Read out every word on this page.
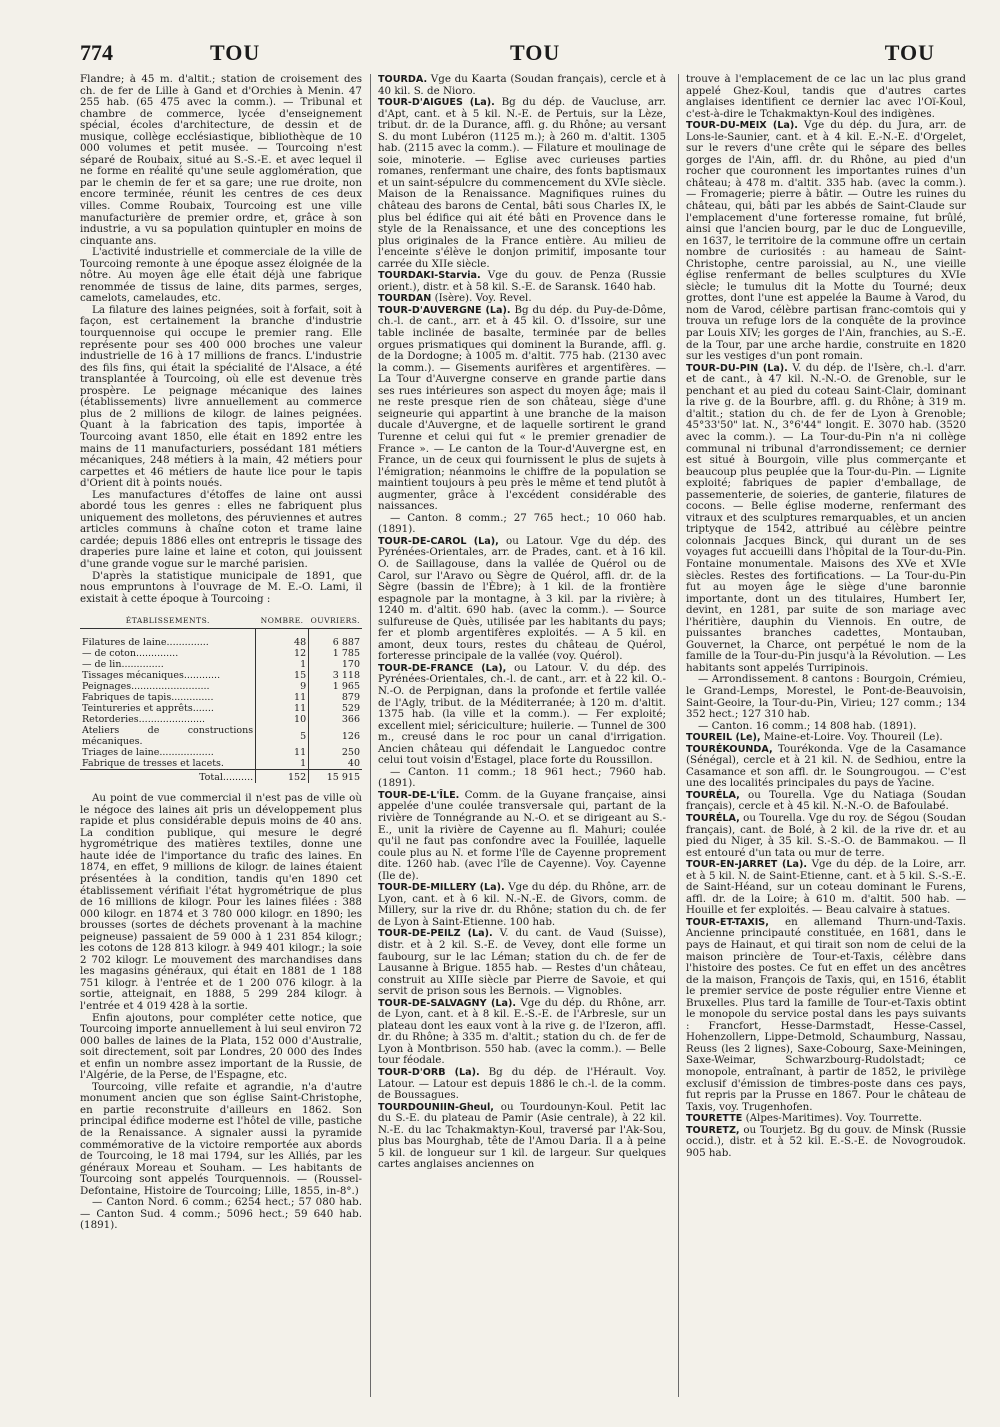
774	TOU	TOU	TOU

Flandre; à 45 m. d'altit.; station de croisement des ch. de fer de Lille à Gand et d'Orchies à Menin. 47 255 hab. (65 475 avec la comm.). — Tribunal et chambre de commerce, lycée d'enseignement spécial, écoles d'architecture, de dessin et de musique, collège ecclésiastique, bibliothèque de 10 000 volumes et petit musée. — Tourcoing n'est séparé de Roubaix, situé au S.-S.-E. et avec lequel il ne forme en réalité qu'une seule agglomération, que par le chemin de fer et sa gare; une rue droite, non encore terminée, réunit les centres de ces deux villes. Comme Roubaix, Tourcoing est une ville manufacturière de premier ordre, et, grâce à son industrie, a vu sa population quintupler en moins de cinquante ans.

L'activité industrielle et commerciale de la ville de Tourcoing remonte à une époque assez éloignée de la nôtre. Au moyen âge elle était déjà une fabrique renommée de tissus de laine, dits parmes, serges, camelots, camelaudes, etc.

La filature des laines peignées, soit à forfait, soit à façon, est certainement la branche d'industrie tourquennoise qui occupe le premier rang. Elle représente pour ses 400 000 broches une valeur industrielle de 16 à 17 millions de francs. L'industrie des fils fins, qui était la spécialité de l'Alsace, a été transplantée à Tourcoing, où elle est devenue très prospère. Le peignage mécanique des laines (établissements) livre annuellement au commerce plus de 2 millions de kilogr. de laines peignées. Quant à la fabrication des tapis, importée à Tourcoing avant 1850, elle était en 1892 entre les mains de 11 manufacturiers, possédant 181 métiers mécaniques, 248 métiers à la main, 42 métiers pour carpettes et 46 métiers de haute lice pour le tapis d'Orient dit à points noués.

Les manufactures d'étoffes de laine ont aussi abordé tous les genres : elles ne fabriquent plus uniquement des molletons, des péruviennes et autres articles communs à chaîne coton et trame laine cardée; depuis 1886 elles ont entrepris le tissage des draperies pure laine et laine et coton, qui jouissent d'une grande vogue sur le marché parisien.

D'après la statistique municipale de 1891, que nous empruntons à l'ouvrage de M. E.-O. Lami, il existait à cette époque à Tourcoing :

ÉTABLISSEMENTS.	NOMBRE.	OUVRIERS.
Filatures de laine..............	48	6 887
— de coton..............	12	1 785
— de lin..............	1	170
Tissages mécaniques............	15	3 118
Peignages..........................	9	1 965
Fabriques de tapis..............	11	879
Teintureries et apprêts.......	11	529
Retorderies......................	10	366
Ateliers de constructions mécaniques.	5	126
Triages de laine..................	11	250
Fabrique de tresses et lacets.	1	40
Total..........	152	15 915

Au point de vue commercial il n'est pas de ville où le négoce des laines ait pris un développement plus rapide et plus considérable depuis moins de 40 ans. La condition publique, qui mesure le degré hygrométrique des matières textiles, donne une haute idée de l'importance du trafic des laines. En 1874, en effet, 9 millions de kilogr. de laines étaient présentées à la condition, tandis qu'en 1890 cet établissement vérifiait l'état hygrométrique de plus de 16 millions de kilogr. Pour les laines filées : 388 000 kilogr. en 1874 et 3 780 000 kilogr. en 1890; les brousses (sortes de déchets provenant à la machine peigneuse) passaient de 59 000 à 1 231 854 kilogr.; les cotons de 128 813 kilogr. à 949 401 kilogr.; la soie 2 702 kilogr. Le mouvement des marchandises dans les magasins généraux, qui était en 1881 de 1 188 751 kilogr. à l'entrée et de 1 200 076 kilogr. à la sortie, atteignait, en 1888, 5 299 284 kilogr. à l'entrée et 4 019 428 à la sortie.

Enfin ajoutons, pour compléter cette notice, que Tourcoing importe annuellement à lui seul environ 72 000 balles de laines de la Plata, 152 000 d'Australie, soit directement, soit par Londres, 20 000 des Indes et enfin un nombre assez important de la Russie, de l'Algérie, de la Perse, de l'Espagne, etc.

Tourcoing, ville refaite et agrandie, n'a d'autre monument ancien que son église Saint-Christophe, en partie reconstruite d'ailleurs en 1862. Son principal édifice moderne est l'hôtel de ville, pastiche de la Renaissance. A signaler aussi la pyramide commémorative de la victoire remportée aux abords de Tourcoing, le 18 mai 1794, sur les Alliés, par les généraux Moreau et Souham. — Les habitants de Tourcoing sont appelés Tourquennois. — (Roussel-Defontaine, Histoire de Tourcoing; Lille, 1855, in-8°.)

— Canton Nord. 6 comm.; 6254 hect.; 57 080 hab. — Canton Sud. 4 comm.; 5096 hect.; 59 640 hab. (1891).

TOURDA. Vge du Kaarta (Soudan français), cercle et à 40 kil. S. de Nioro.

TOUR-D'AIGUES (La). Bg du dép. de Vaucluse, arr. d'Apt, cant. et à 5 kil. N.-E. de Pertuis, sur la Lèze, tribut. dr. de la Durance, affl. g. du Rhône; au versant S. du mont Lubéron (1125 m.); à 260 m. d'altit. 1305 hab. (2115 avec la comm.). — Filature et moulinage de soie, minoterie. — Eglise avec curieuses parties romanes, renfermant une chaire, des fonts baptismaux et un saint-sépulcre du commencement du XVIe siècle. Maison de la Renaissance. Magnifiques ruines du château des barons de Cental, bâti sous Charles IX, le plus bel édifice qui ait été bâti en Provence dans le style de la Renaissance, et une des conceptions les plus originales de la France entière. Au milieu de l'enceinte s'élève le donjon primitif, imposante tour carrée du XIIe siècle.

TOURDAKI-Starvia. Vge du gouv. de Penza (Russie orient.), distr. et à 58 kil. S.-E. de Saransk. 1640 hab.

TOURDAN (Isère). Voy. Revel.

TOUR-D'AUVERGNE (La). Bg du dép. du Puy-de-Dôme, ch.-l. de cant., arr. et à 45 kil. O. d'Issoire, sur une table inclinée de basalte, terminée par de belles orgues prismatiques qui dominent la Burande, affl. g. de la Dordogne; à 1005 m. d'altit. 775 hab. (2130 avec la comm.). — Gisements aurifères et argentifères. — La Tour d'Auvergne conserve en grande partie dans ses rues intérieures son aspect du moyen âge; mais il ne reste presque rien de son château, siège d'une seigneurie qui appartint à une branche de la maison ducale d'Auvergne, et de laquelle sortirent le grand Turenne et celui qui fut « le premier grenadier de France ». — Le canton de la Tour-d'Auvergne est, en France, un de ceux qui fournissent le plus de sujets à l'émigration; néanmoins le chiffre de la population se maintient toujours à peu près le même et tend plutôt à augmenter, grâce à l'excédent considérable des naissances.

— Canton. 8 comm.; 27 765 hect.; 10 060 hab. (1891).

TOUR-DE-CAROL (La), ou Latour. Vge du dép. des Pyrénées-Orientales, arr. de Prades, cant. et à 16 kil. O. de Saillagouse, dans la vallée de Quérol ou de Carol, sur l'Aravo ou Sègre de Quérol, affl. dr. de la Sègre (bassin de l'Èbre); à 1 kil. de la frontière espagnole par la montagne, à 3 kil. par la rivière; à 1240 m. d'altit. 690 hab. (avec la comm.). — Source sulfureuse de Quès, utilisée par les habitants du pays; fer et plomb argentifères exploités. — A 5 kil. en amont, deux tours, restes du château de Quérol, forteresse principale de la vallée (voy. Quérol).

TOUR-DE-FRANCE (La), ou Latour. V. du dép. des Pyrénées-Orientales, ch.-l. de cant., arr. et à 22 kil. O.-N.-O. de Perpignan, dans la profonde et fertile vallée de l'Agly, tribut. de la Méditerranée; à 120 m. d'altit. 1375 hab. (la ville et la comm.). — Fer exploité; excellent miel; sériciculture; huilerie. — Tunnel de 300 m., creusé dans le roc pour un canal d'irrigation. Ancien château qui défendait le Languedoc contre celui tout voisin d'Estagel, place forte du Roussillon.

— Canton. 11 comm.; 18 961 hect.; 7960 hab. (1891).

TOUR-DE-L'ÎLE. Comm. de la Guyane française, ainsi appelée d'une coulée transversale qui, partant de la rivière de Tonnégrande au N.-O. et se dirigeant au S.-E., unit la rivière de Cayenne au fl. Mahuri; coulée qu'il ne faut pas confondre avec la Fouillée, laquelle coule plus au N. et forme l'île de Cayenne proprement dite. 1260 hab. (avec l'île de Cayenne). Voy. Cayenne (Ile de).

TOUR-DE-MILLERY (La). Vge du dép. du Rhône, arr. de Lyon, cant. et à 6 kil. N.-N.-E. de Givors, comm. de Millery, sur la rive dr. du Rhône; station du ch. de fer de Lyon à Saint-Etienne. 100 hab.

TOUR-DE-PEILZ (La). V. du cant. de Vaud (Suisse), distr. et à 2 kil. S.-E. de Vevey, dont elle forme un faubourg, sur le lac Léman; station du ch. de fer de Lausanne à Brigue. 1855 hab. — Restes d'un château, construit au XIIIe siècle par Pierre de Savoie, et qui servit de prison sous les Bernois. — Vignobles.

TOUR-DE-SALVAGNY (La). Vge du dép. du Rhône, arr. de Lyon, cant. et à 8 kil. E.-S.-E. de l'Arbresle, sur un plateau dont les eaux vont à la rive g. de l'Izeron, affl. dr. du Rhône; à 335 m. d'altit.; station du ch. de fer de Lyon à Montbrison. 550 hab. (avec la comm.). — Belle tour féodale.

TOUR-D'ORB (La). Bg du dép. de l'Hérault. Voy. Latour. — Latour est depuis 1886 le ch.-l. de la comm. de Boussagues.

TOURDOUNIIN-Gheul, ou Tourdounyn-Koul. Petit lac du S.-E. du plateau de Pamir (Asie centrale), à 22 kil. N.-E. du lac Tchakmaktyn-Koul, traversé par l'Ak-Sou, plus bas Mourghab, tête de l'Amou Daria. Il a à peine 5 kil. de longueur sur 1 kil. de largeur. Sur quelques cartes anglaises anciennes on

trouve à l'emplacement de ce lac un lac plus grand appelé Ghez-Koul, tandis que d'autres cartes anglaises identifient ce dernier lac avec l'Oï-Koul, c'est-à-dire le Tchakmaktyn-Koul des indigènes.

TOUR-DU-MEIX (La). Vge du dép. du Jura, arr. de Lons-le-Saunier, cant. et à 4 kil. E.-N.-E. d'Orgelet, sur le revers d'une crête qui le sépare des belles gorges de l'Ain, affl. dr. du Rhône, au pied d'un rocher que couronnent les importantes ruines d'un château; à 478 m. d'altit. 335 hab. (avec la comm.). — Fromagerie; pierre à bâtir. — Outre les ruines du château, qui, bâti par les abbés de Saint-Claude sur l'emplacement d'une forteresse romaine, fut brûlé, ainsi que l'ancien bourg, par le duc de Longueville, en 1637, le territoire de la commune offre un certain nombre de curiosités : au hameau de Saint-Christophe, centre paroissial, au N., une vieille église renfermant de belles sculptures du XVIe siècle; le tumulus dit la Motte du Tourné; deux grottes, dont l'une est appelée la Baume à Varod, du nom de Varod, célèbre partisan franc-comtois qui y trouva un refuge lors de la conquête de la province par Louis XIV; les gorges de l'Ain, franchies, au S.-E. de la Tour, par une arche hardie, construite en 1820 sur les vestiges d'un pont romain.

TOUR-DU-PIN (La). V. du dép. de l'Isère, ch.-l. d'arr. et de cant., à 47 kil. N.-N.-O. de Grenoble, sur le penchant et au pied du coteau Saint-Clair, dominant la rive g. de la Bourbre, affl. g. du Rhône; à 319 m. d'altit.; station du ch. de fer de Lyon à Grenoble; 45°33'50" lat. N., 3°6'44" longit. E. 3070 hab. (3520 avec la comm.). — La Tour-du-Pin n'a ni collège communal ni tribunal d'arrondissement; ce dernier est situé à Bourgoin, ville plus commerçante et beaucoup plus peuplée que la Tour-du-Pin. — Lignite exploité; fabriques de papier d'emballage, de passementerie, de soieries, de ganterie, filatures de cocons. — Belle église moderne, renfermant des vitraux et des sculptures remarquables, et un ancien triptyque de 1542, attribué au célèbre peintre colonnais Jacques Binck, qui durant un de ses voyages fut accueilli dans l'hôpital de la Tour-du-Pin. Fontaine monumentale. Maisons des XVe et XVIe siècles. Restes des fortifications. — La Tour-du-Pin fut au moyen âge le siège d'une baronnie importante, dont un des titulaires, Humbert Ier, devint, en 1281, par suite de son mariage avec l'héritière, dauphin du Viennois. En outre, de puissantes branches cadettes, Montauban, Gouvernet, la Charce, ont perpétué le nom de la famille de la Tour-du-Pin jusqu'à la Révolution. — Les habitants sont appelés Turripinois.

— Arrondissement. 8 cantons : Bourgoin, Crémieu, le Grand-Lemps, Morestel, le Pont-de-Beauvoisin, Saint-Geoire, la Tour-du-Pin, Virieu; 127 comm.; 134 352 hect.; 127 310 hab.

— Canton. 16 comm.; 14 808 hab. (1891).

TOUREIL (Le), Maine-et-Loire. Voy. Thoureil (Le).

TOURÉKOUNDA, Tourékonda. Vge de la Casamance (Sénégal), cercle et à 21 kil. N. de Sedhiou, entre la Casamance et son affl. dr. le Soungrougou. — C'est une des localités principales du pays de Yacine.

TOURÉLA, ou Tourella. Vge du Natiaga (Soudan français), cercle et à 45 kil. N.-N.-O. de Bafoulabé.

TOURÉLA, ou Tourella. Vge du roy. de Ségou (Soudan français), cant. de Bolé, à 2 kil. de la rive dr. et au pied du Niger, à 35 kil. S.-S.-O. de Bammakou. — Il est entouré d'un tata ou mur de terre.

TOUR-EN-JARRET (La). Vge du dép. de la Loire, arr. et à 5 kil. N. de Saint-Etienne, cant. et à 5 kil. S.-S.-E. de Saint-Héand, sur un coteau dominant le Furens, affl. dr. de la Loire; à 610 m. d'altit. 500 hab. — Houille et fer exploités. — Beau calvaire à statues.

TOUR-ET-TAXIS, en allemand Thurn-und-Taxis. Ancienne principauté constituée, en 1681, dans le pays de Hainaut, et qui tirait son nom de celui de la maison princière de Tour-et-Taxis, célèbre dans l'histoire des postes. Ce fut en effet un des ancêtres de la maison, François de Taxis, qui, en 1516, établit le premier service de poste régulier entre Vienne et Bruxelles. Plus tard la famille de Tour-et-Taxis obtint le monopole du service postal dans les pays suivants : Francfort, Hesse-Darmstadt, Hesse-Cassel, Hohenzollern, Lippe-Detmold, Schaumburg, Nassau, Reuss (les 2 lignes), Saxe-Cobourg, Saxe-Meiningen, Saxe-Weimar, Schwarzbourg-Rudolstadt; ce monopole, entraînant, à partir de 1852, le privilège exclusif d'émission de timbres-poste dans ces pays, fut repris par la Prusse en 1867. Pour le château de Taxis, voy. Trugenhofen.

TOURETTE (Alpes-Maritimes). Voy. Tourrette.

TOURETZ, ou Tourjetz. Bg du gouv. de Minsk (Russie occid.), distr. et à 52 kil. E.-S.-E. de Novogroudok. 905 hab.
